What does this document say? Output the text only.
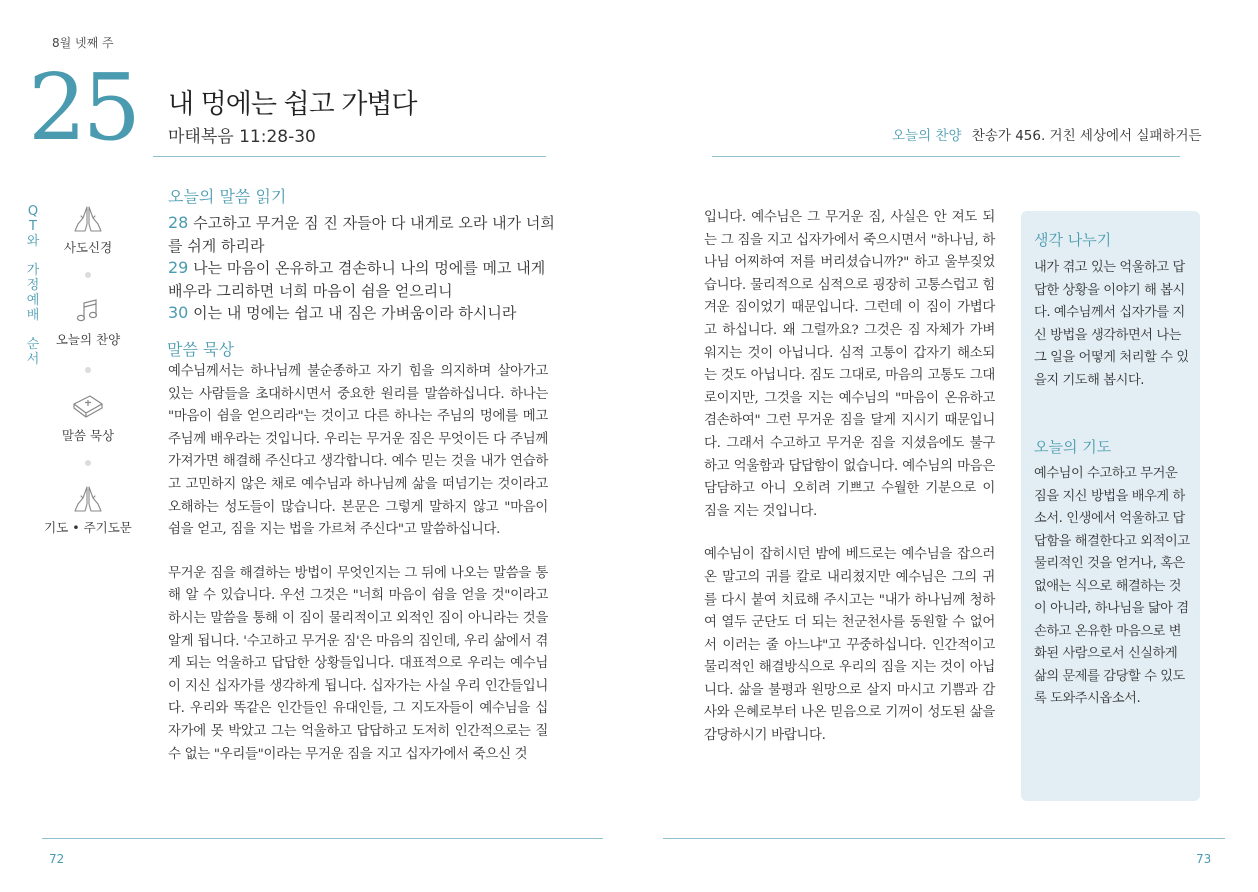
8월 넷째 주
25 내 멍에는 쉽고 가볍다
마태복음 11:28-30	오늘의 찬양 찬송가 456. 거친 세상에서 실패하거든
Q
T
와
가
정
예
배
순
서
사도신경
오늘의 찬양
말씀 묵상
기도 • 주기도문
오늘의 말씀 읽기

28 수고하고 무거운 짐 진 자들아 다 내게로 오라 내가 너희를 쉬게 하리라

29 나는 마음이 온유하고 겸손하니 나의 멍에를 메고 내게 배우라 그리하면 너희 마음이 쉼을 얻으리니

30 이는 내 멍에는 쉽고 내 짐은 가벼움이라 하시니라

말씀 묵상

예수님께서는 하나님께 불순종하고 자기 힘을 의지하며 살아가고 있는 사람들을 초대하시면서 중요한 원리를 말씀하십니다. 하나는 "마음이 쉼을 얻으리라"는 것이고 다른 하나는 주님의 멍에를 메고 주님께 배우라는 것입니다. 우리는 무거운 짐은 무엇이든 다 주님께 가져가면 해결해 주신다고 생각합니다. 예수 믿는 것을 내가 연습하고 고민하지 않은 채로 예수님과 하나님께 삶을 떠넘기는 것이라고 오해하는 성도들이 많습니다. 본문은 그렇게 말하지 않고 "마음이 쉼을 얻고, 짐을 지는 법을 가르쳐 주신다"고 말씀하십니다.

무거운 짐을 해결하는 방법이 무엇인지는 그 뒤에 나오는 말씀을 통해 알 수 있습니다. 우선 그것은 "너희 마음이 쉼을 얻을 것"이라고 하시는 말씀을 통해 이 짐이 물리적이고 외적인 짐이 아니라는 것을 알게 됩니다. '수고하고 무거운 짐'은 마음의 짐인데, 우리 삶에서 겪게 되는 억울하고 답답한 상황들입니다. 대표적으로 우리는 예수님이 지신 십자가를 생각하게 됩니다. 십자가는 사실 우리 인간들입니다. 우리와 똑같은 인간들인 유대인들, 그 지도자들이 예수님을 십자가에 못 박았고 그는 억울하고 답답하고 도저히 인간적으로는 질 수 없는 "우리들"이라는 무거운 짐을 지고 십자가에서 죽으신 것

입니다. 예수님은 그 무거운 짐, 사실은 안 져도 되는 그 짐을 지고 십자가에서 죽으시면서 "하나님, 하나님 어찌하여 저를 버리셨습니까?" 하고 울부짖었습니다. 물리적으로 심적으로 굉장히 고통스럽고 힘겨운 짐이었기 때문입니다. 그런데 이 짐이 가볍다고 하십니다. 왜 그럴까요? 그것은 짐 자체가 가벼워지는 것이 아닙니다. 심적 고통이 갑자기 해소되는 것도 아닙니다. 짐도 그대로, 마음의 고통도 그대로이지만, 그것을 지는 예수님의 "마음이 온유하고 겸손하여" 그런 무거운 짐을 달게 지시기 때문입니다. 그래서 수고하고 무거운 짐을 지셨음에도 불구하고 억울함과 답답함이 없습니다. 예수님의 마음은 담담하고 아니 오히려 기쁘고 수월한 기분으로 이 짐을 지는 것입니다.

예수님이 잡히시던 밤에 베드로는 예수님을 잡으러 온 말고의 귀를 칼로 내리쳤지만 예수님은 그의 귀를 다시 붙여 치료해 주시고는 "내가 하나님께 청하여 열두 군단도 더 되는 천군천사를 동원할 수 없어서 이러는 줄 아느냐"고 꾸중하십니다. 인간적이고 물리적인 해결방식으로 우리의 짐을 지는 것이 아닙니다. 삶을 불평과 원망으로 살지 마시고 기쁨과 감사와 은혜로부터 나온 믿음으로 기꺼이 성도된 삶을 감당하시기 바랍니다.

생각 나누기
내가 겪고 있는 억울하고 답답한 상황을 이야기 해 봅시다. 예수님께서 십자가를 지신 방법을 생각하면서 나는 그 일을 어떻게 처리할 수 있을지 기도해 봅시다.
오늘의 기도
예수님이 수고하고 무거운 짐을 지신 방법을 배우게 하소서. 인생에서 억울하고 답답함을 해결한다고 외적이고 물리적인 것을 얻거나, 혹은 없애는 식으로 해결하는 것이 아니라, 하나님을 닮아 겸손하고 온유한 마음으로 변화된 사람으로서 신실하게 삶의 문제를 감당할 수 있도록 도와주시옵소서.
72	73
